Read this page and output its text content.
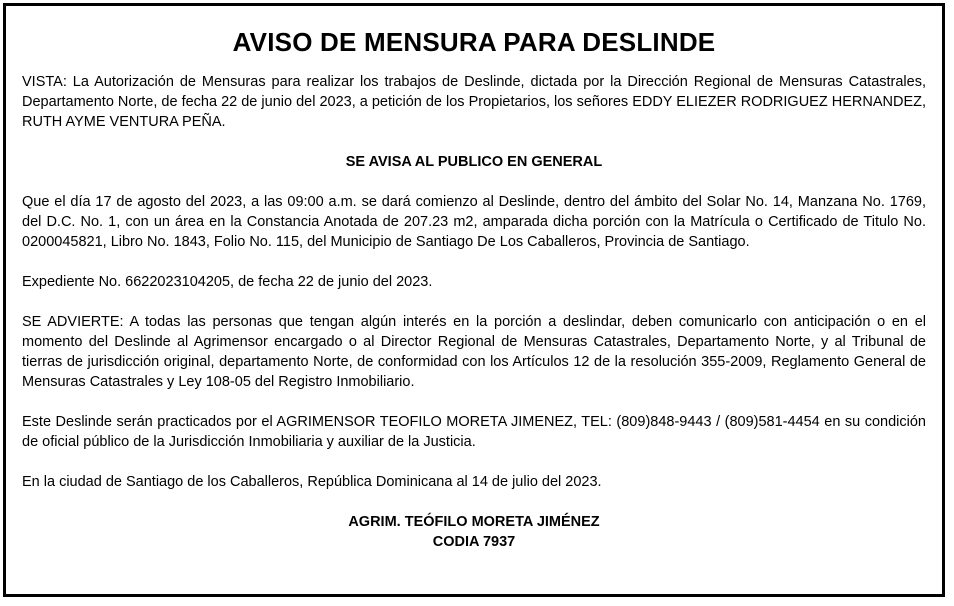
AVISO DE MENSURA PARA DESLINDE

VISTA: La Autorización de Mensuras para realizar los trabajos de Deslinde, dictada por la Dirección Regional de Mensuras Catastrales, Departamento Norte, de fecha 22 de junio del 2023, a petición de los Propietarios, los señores EDDY ELIEZER RODRIGUEZ HERNANDEZ, RUTH AYME VENTURA PEÑA.

SE AVISA AL PUBLICO EN GENERAL

Que el día 17 de agosto del 2023, a las 09:00 a.m. se dará comienzo al Deslinde, dentro del ámbito del Solar No. 14, Manzana No. 1769, del D.C. No. 1, con un área en la Constancia Anotada de 207.23 m2, amparada dicha porción con la Matrícula o Certificado de Titulo No. 0200045821, Libro No. 1843, Folio No. 115, del Municipio de Santiago De Los Caballeros, Provincia de Santiago.

Expediente No. 6622023104205, de fecha 22 de junio del 2023.

SE ADVIERTE: A todas las personas que tengan algún interés en la porción a deslindar, deben comunicarlo con anticipación o en el momento del Deslinde al Agrimensor encargado o al Director Regional de Mensuras Catastrales, Departamento Norte, y al Tribunal de tierras de jurisdicción original, departamento Norte, de conformidad con los Artículos 12 de la resolución 355-2009, Reglamento General de Mensuras Catastrales y Ley 108-05 del Registro Inmobiliario.

Este Deslinde serán practicados por el AGRIMENSOR TEOFILO MORETA JIMENEZ, TEL: (809)848-9443 / (809)581-4454 en su condición de oficial público de la Jurisdicción Inmobiliaria y auxiliar de la Justicia.

En la ciudad de Santiago de los Caballeros, República Dominicana al 14 de julio del 2023.

AGRIM. TEÓFILO MORETA JIMÉNEZ

CODIA 7937
